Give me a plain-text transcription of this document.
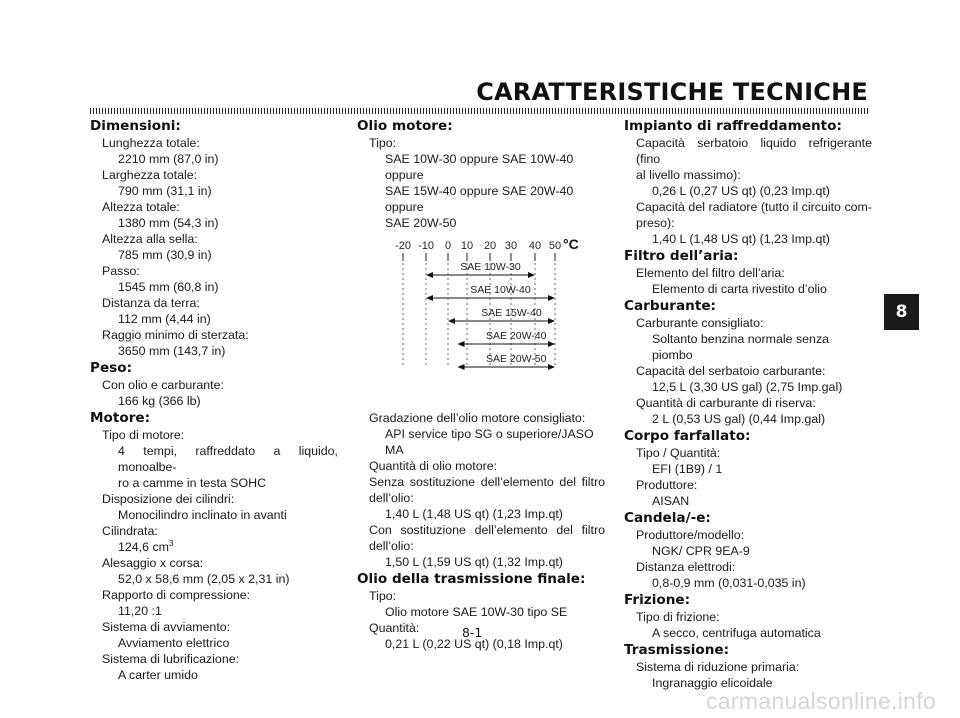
CARATTERISTICHE TECNICHE
Dimensioni:
Lunghezza totale:
2210 mm (87,0 in)
Larghezza totale:
790 mm (31,1 in)
Altezza totale:
1380 mm (54,3 in)
Altezza alla sella:
785 mm (30,9 in)
Passo:
1545 mm (60,8 in)
Distanza da terra:
112 mm (4,44 in)
Raggio minimo di sterzata:
3650 mm (143,7 in)
Peso:
Con olio e carburante:
166 kg (366 lb)
Motore:
Tipo di motore:
4 tempi, raffreddato a liquido, monoalbe-
ro a camme in testa SOHC
Disposizione dei cilindri:
Monocilindro inclinato in avanti
Cilindrata:
124,6 $cm^3$
Alesaggio x corsa:
52,0 x 58,6 mm (2,05 x 2,31 in)
Rapporto di compressione:
11,20 :1
Sistema di avviamento:
Avviamento elettrico
Sistema di lubrificazione:
A carter umido
Olio motore:
Tipo:
SAE 10W-30 oppure SAE 10W-40 oppure
SAE 15W-40 oppure SAE 20W-40 oppure
SAE 20W-50
-20 -10 0 10 20 30 40 50 °C
SAE 10W-30
SAE 10W-40
SAE 15W-40
SAE 20W-40
SAE 20W-50
Gradazione dell’olio motore consigliato:
API service tipo SG o superiore/JASO MA
Quantità di olio motore:
Senza sostituzione dell’elemento del filtro
dell’olio:
1,40 L (1,48 US qt) (1,23 Imp.qt)
Con sostituzione dell’elemento del filtro
dell’olio:
1,50 L (1,59 US qt) (1,32 Imp.qt)
Olio della trasmissione finale:
Tipo:
Olio motore SAE 10W-30 tipo SE
Quantità:
0,21 L (0,22 US qt) (0,18 Imp.qt)
Impianto di raffreddamento:
Capacità serbatoio liquido refrigerante (fino
al livello massimo):
0,26 L (0,27 US qt) (0,23 Imp.qt)
Capacità del radiatore (tutto il circuito com-
preso):
1,40 L (1,48 US qt) (1,23 Imp.qt)
Filtro dell’aria:
Elemento del filtro dell’aria:
Elemento di carta rivestito d’olio
Carburante:
Carburante consigliato:
Soltanto benzina normale senza piombo
Capacità del serbatoio carburante:
12,5 L (3,30 US gal) (2,75 Imp.gal)
Quantità di carburante di riserva:
2 L (0,53 US gal) (0,44 Imp.gal)
Corpo farfallato:
Tipo / Quantità:
EFI (1B9) / 1
Produttore:
AISAN
Candela/-e:
Produttore/modello:
NGK/ CPR 9EA-9
Distanza elettrodi:
0,8-0,9 mm (0,031-0,035 in)
Frizione:
Tipo di frizione:
A secco, centrifuga automatica
Trasmissione:
Sistema di riduzione primaria:
Ingranaggio elicoidale
8
8-1
carmanualsonline.info
